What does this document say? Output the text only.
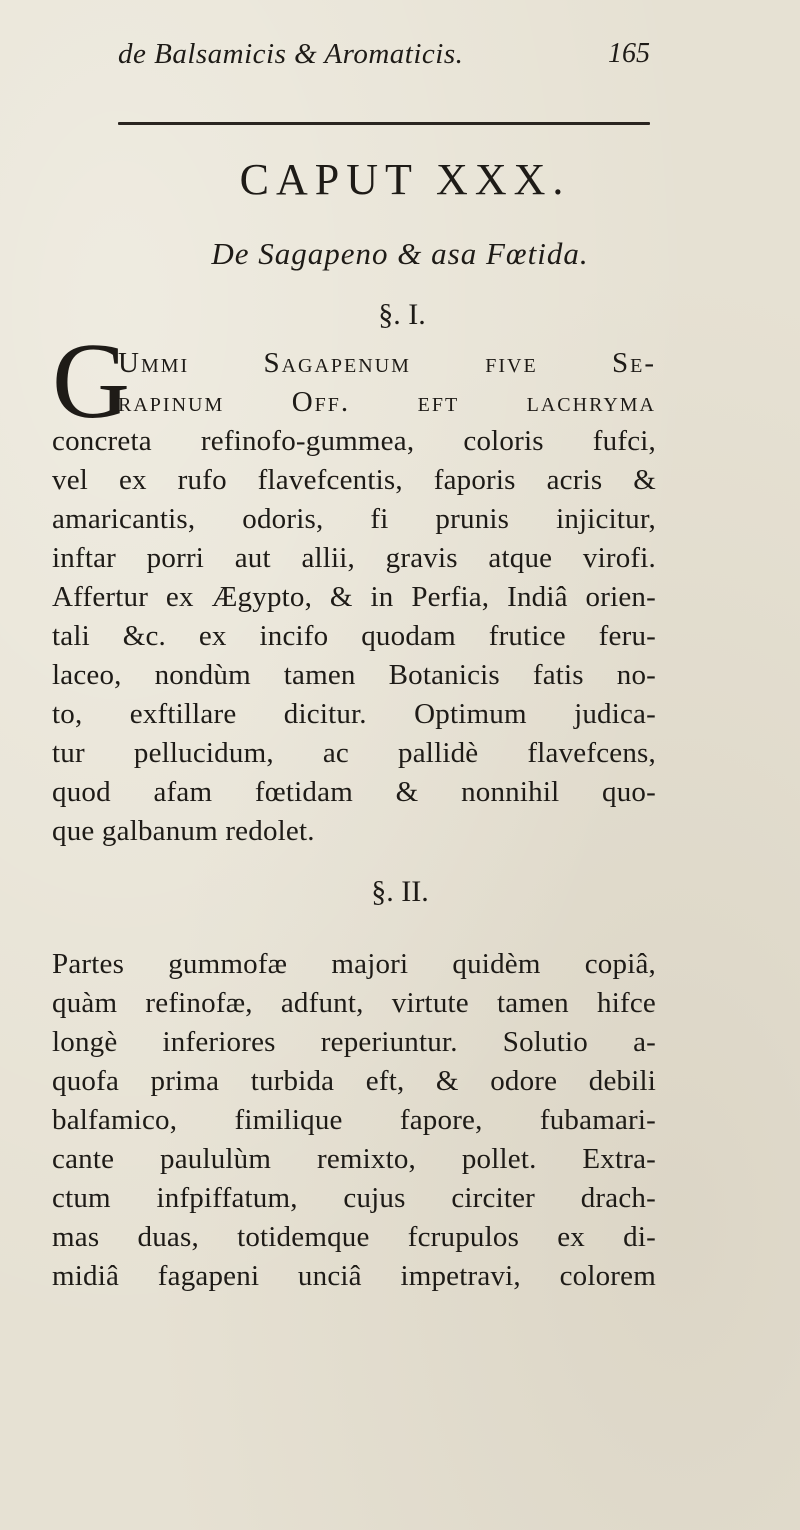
de Balsamicis & Aromaticis.	165
CAPUT XXX.
De Sagapeno & asa Fœtida.
§. I.
G
Ummi Sagapenum five Se-
rapinum Off. eft lachryma
concreta refinofo-gummea, coloris fufci,
vel ex rufo flavefcentis, faporis acris &
amaricantis, odoris, fi prunis injicitur,
inftar porri aut allii, gravis atque virofi.
Affertur ex Ægypto, & in Perfia, Indiâ orien-
tali &c. ex incifo quodam frutice feru-
laceo, nondùm tamen Botanicis fatis no-
to, exftillare dicitur. Optimum judica-
tur pellucidum, ac pallidè flavefcens,
quod afam fœtidam & nonnihil quo-
que galbanum redolet.
§. II.
Partes gummofæ majori quidèm copiâ,
quàm refinofæ, adfunt, virtute tamen hifce
longè inferiores reperiuntur. Solutio a-
quofa prima turbida eft, & odore debili
balfamico, fimilique fapore, fubamari-
cante paululùm remixto, pollet. Extra-
ctum infpiffatum, cujus circiter drach-
mas duas, totidemque fcrupulos ex di-
midiâ fagapeni unciâ impetravi, colorem
